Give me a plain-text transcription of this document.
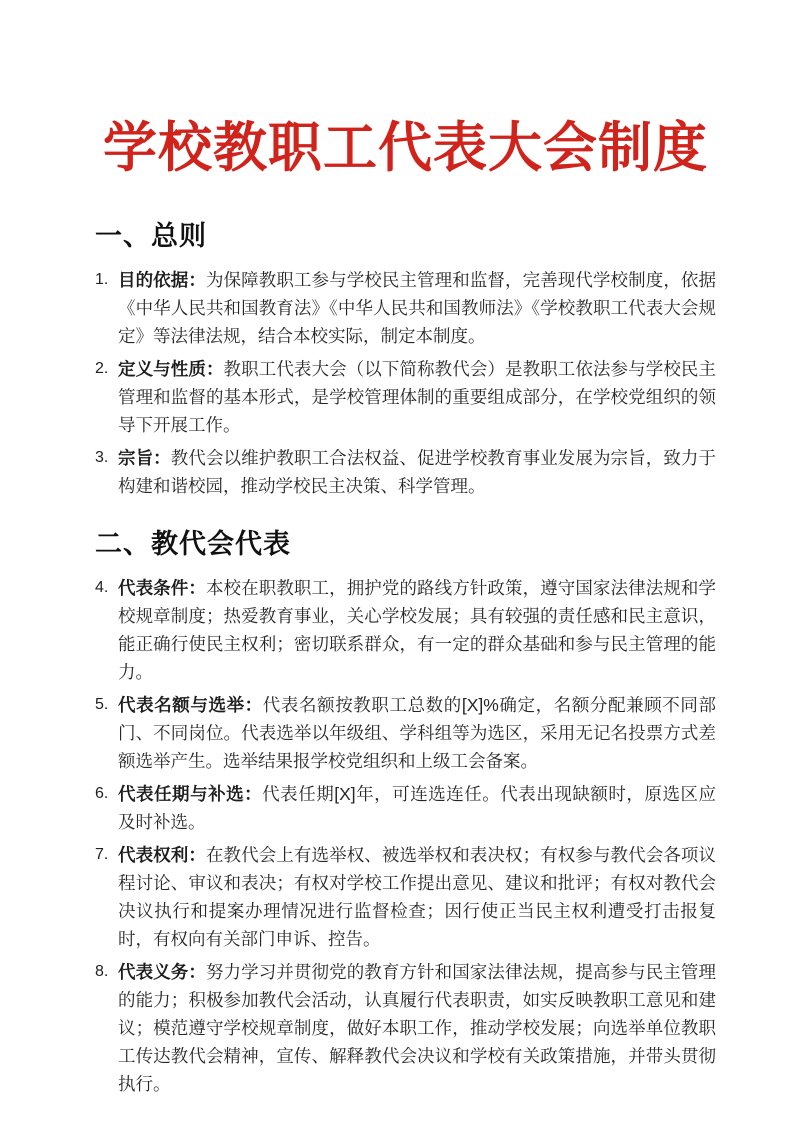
学校教职工代表大会制度
一、总则
1. 目的依据：为保障教职工参与学校民主管理和监督，完善现代学校制度，依据《中华人民共和国教育法》《中华人民共和国教师法》《学校教职工代表大会规定》等法律法规，结合本校实际，制定本制度。

2. 定义与性质：教职工代表大会（以下简称教代会）是教职工依法参与学校民主管理和监督的基本形式，是学校管理体制的重要组成部分，在学校党组织的领导下开展工作。

3. 宗旨：教代会以维护教职工合法权益、促进学校教育事业发展为宗旨，致力于构建和谐校园，推动学校民主决策、科学管理。

二、教代会代表
4. 代表条件：本校在职教职工，拥护党的路线方针政策，遵守国家法律法规和学校规章制度；热爱教育事业，关心学校发展；具有较强的责任感和民主意识，能正确行使民主权利；密切联系群众，有一定的群众基础和参与民主管理的能力。

5. 代表名额与选举：代表名额按教职工总数的[X]%确定，名额分配兼顾不同部门、不同岗位。代表选举以年级组、学科组等为选区，采用无记名投票方式差额选举产生。选举结果报学校党组织和上级工会备案。

6. 代表任期与补选：代表任期[X]年，可连选连任。代表出现缺额时，原选区应及时补选。

7. 代表权利：在教代会上有选举权、被选举权和表决权；有权参与教代会各项议程讨论、审议和表决；有权对学校工作提出意见、建议和批评；有权对教代会决议执行和提案办理情况进行监督检查；因行使正当民主权利遭受打击报复时，有权向有关部门申诉、控告。

8. 代表义务：努力学习并贯彻党的教育方针和国家法律法规，提高参与民主管理的能力；积极参加教代会活动，认真履行代表职责，如实反映教职工意见和建议；模范遵守学校规章制度，做好本职工作，推动学校发展；向选举单位教职工传达教代会精神，宣传、解释教代会决议和学校有关政策措施，并带头贯彻执行。
